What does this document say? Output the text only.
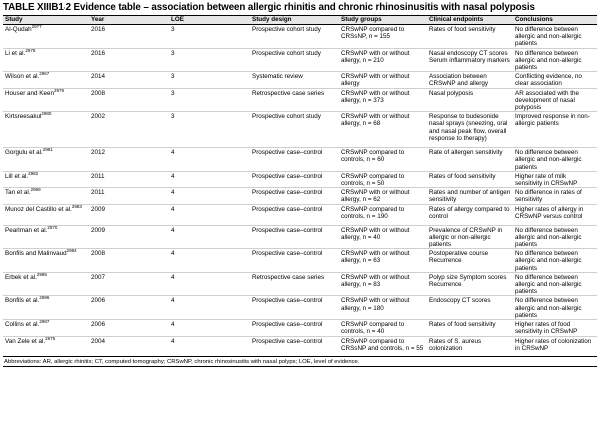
TABLE XIIIB1·2 Evidence table – association between allergic rhinitis and chronic rhinosinusitis with nasal polyposis
Study	Year	LOE	Study design	Study groups	Clinical endpoints	Conclusions
Al-Qudah$^{2977}$	2016	3	Prospective cohort study	CRSwNP compared to CRSsNP, n = 155	Rates of food sensitivity	No difference between allergic and non-allergic patients
Li et al.$^{2978}$	2016	3	Prospective cohort study	CRSwNP with or without allergy, n = 210	Nasal endoscopy CT scores Serum inflammatory markers	No difference between allergic and non-allergic patients
Wilson et al.$^{2967}$	2014	3	Systematic review	CRSwNP with or without allergy	Association between CRSwNP and allergy	Conflicting evidence, no clear association
Houser and Keen$^{2979}$	2008	3	Retrospective case series	CRSwNP with or without allergy, n = 373	Nasal polyposis	AR associated with the development of nasal polyposis
Kirtsreesakul$^{2980}$	2002	3	Prospective cohort study	CRSwNP with or without allergy, n = 68	Response to budesonide nasal sprays (sneezing, oral and nasal peak flow, overall response to therapy)	Improved response in non-allergic patients
Gorgulu et al.$^{2981}$	2012	4	Prospective case–control	CRSwNP compared to controls, n = 60	Rate of allergen sensitivity	No difference between allergic and non-allergic patients
Lill et al.$^{2982}$	2011	4	Prospective case–control	CRSwNP compared to controls, n = 50	Rates of food sensitivity	Higher rate of milk sensitivity in CRSwNP
Tan et al.$^{2969}$	2011	4	Prospective case–control	CRSwNP with or without allergy, n = 62	Rates and number of antigen sensitivity	No difference in rates of sensitivity
Munoz del Castillo et al.$^{2983}$	2009	4	Prospective case–control	CRSwNP compared to controls, n = 190	Rates of allergy compared to control	Higher rates of allergy in CRSwNP versus control
Pearlman et al.$^{2970}$	2009	4	Prospective case–control	CRSwNP with or without allergy, n = 40	Prevalence of CRSwNP in allergic or non-allergic patients	No difference between allergic and non-allergic patients
Bonfils and Malinvaud$^{2984}$	2008	4	Prospective case–control	CRSwNP with or without allergy, n = 63	Postoperative course Recurrence	No difference between allergic and non-allergic patients
Erbek et al.$^{2985}$	2007	4	Retrospective case series	CRSwNP with or without allergy, n = 83	Polyp size Symptom scores Recurrence	No difference between allergic and non-allergic patients
Bonfils et al.$^{2986}$	2006	4	Prospective case–control	CRSwNP with or without allergy, n = 180	Endoscopy CT scores	No difference between allergic and non-allergic patients
Collins et al.$^{2987}$	2006	4	Prospective case–control	CRSwNP compared to controls, n = 40	Rates of food sensitivity	Higher rates of food sensitivity in CRSwNP
Van Zele et al.$^{2975}$	2004	4	Prospective case–control	CRSwNP compared to CRSsNP and controls, n = 55	Rates of S. aureus colonization	Higher rates of colonization in CRSwNP
Abbreviations: AR, allergic rhinitis; CT, computed tomography; CRSwNP, chronic rhinosinusitis with nasal polyps; LOE, level of evidence.
